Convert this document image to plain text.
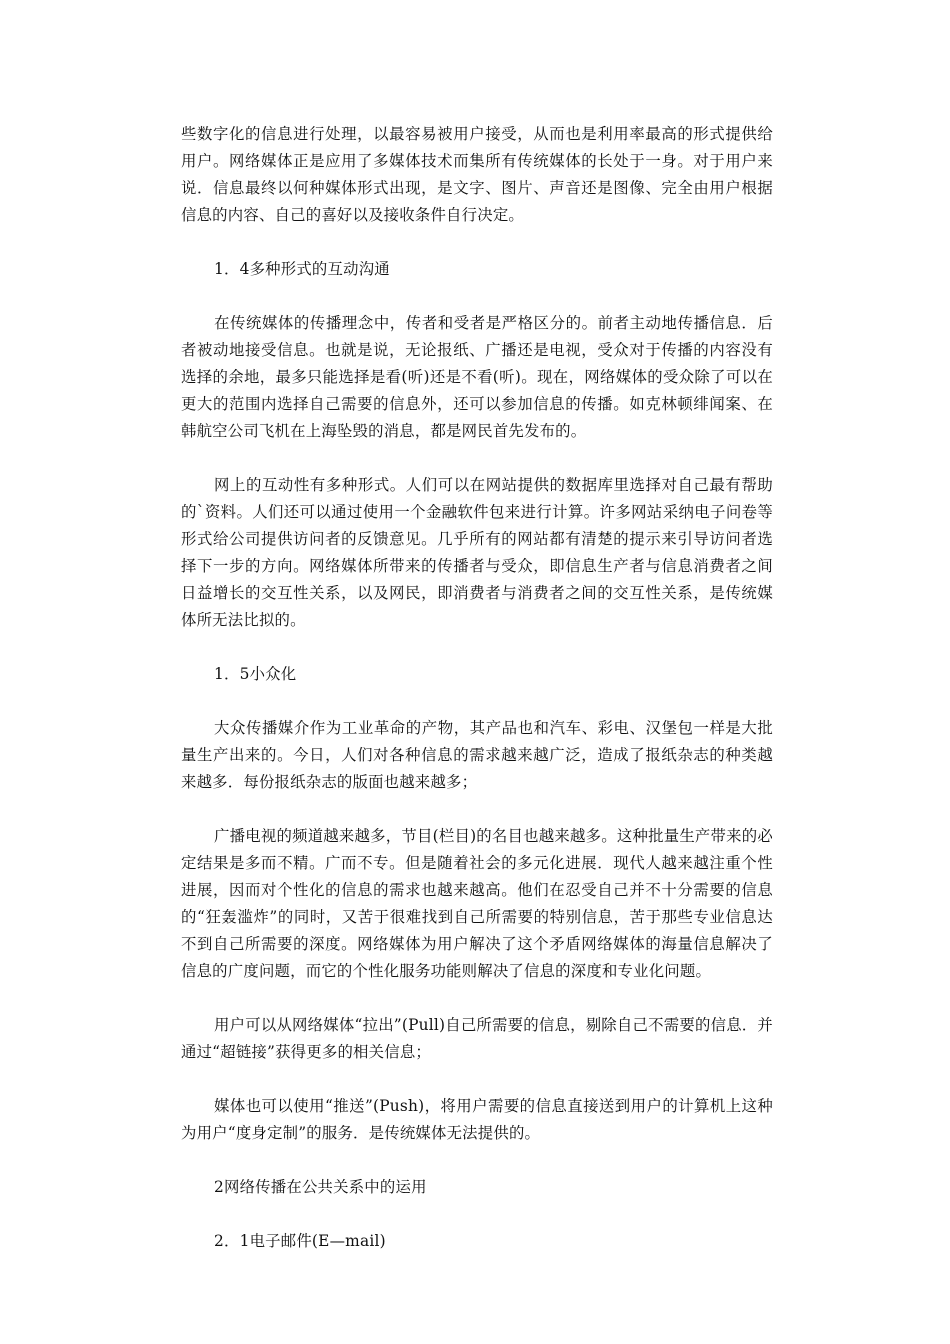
些数字化的信息进行处理，以最容易被用户接受，从而也是利用率最高的形式提供给用户。网络媒体正是应用了多媒体技术而集所有传统媒体的长处于一身。对于用户来说．信息最终以何种媒体形式出现，是文字、图片、声音还是图像、完全由用户根据信息的内容、自己的喜好以及接收条件自行决定。

1．4多种形式的互动沟通

在传统媒体的传播理念中，传者和受者是严格区分的。前者主动地传播信息．后者被动地接受信息。也就是说，无论报纸、广播还是电视，受众对于传播的内容没有选择的余地，最多只能选择是看(听)还是不看(听)。现在，网络媒体的受众除了可以在更大的范围内选择自己需要的信息外，还可以参加信息的传播。如克林顿绯闻案、在韩航空公司飞机在上海坠毁的消息，都是网民首先发布的。

网上的互动性有多种形式。人们可以在网站提供的数据库里选择对自己最有帮助的`资料。人们还可以通过使用一个金融软件包来进行计算。许多网站采纳电子问卷等形式给公司提供访问者的反馈意见。几乎所有的网站都有清楚的提示来引导访问者选择下一步的方向。网络媒体所带来的传播者与受众，即信息生产者与信息消费者之间日益增长的交互性关系，以及网民，即消费者与消费者之间的交互性关系，是传统媒体所无法比拟的。

1．5小众化

大众传播媒介作为工业革命的产物，其产品也和汽车、彩电、汉堡包一样是大批量生产出来的。今日，人们对各种信息的需求越来越广泛，造成了报纸杂志的种类越来越多．每份报纸杂志的版面也越来越多；

广播电视的频道越来越多，节目(栏目)的名目也越来越多。这种批量生产带来的必定结果是多而不精。广而不专。但是随着社会的多元化进展．现代人越来越注重个性进展，因而对个性化的信息的需求也越来越高。他们在忍受自己并不十分需要的信息的“狂轰滥炸”的同时，又苦于很难找到自己所需要的特别信息，苦于那些专业信息达不到自己所需要的深度。网络媒体为用户解决了这个矛盾网络媒体的海量信息解决了信息的广度问题，而它的个性化服务功能则解决了信息的深度和专业化问题。

用户可以从网络媒体“拉出”(Pull)自己所需要的信息，剔除自己不需要的信息．并通过“超链接”获得更多的相关信息；

媒体也可以使用“推送”(Push)，将用户需要的信息直接送到用户的计算机上这种为用户“度身定制”的服务．是传统媒体无法提供的。

2网络传播在公共关系中的运用

2．1电子邮件(E—mail)
